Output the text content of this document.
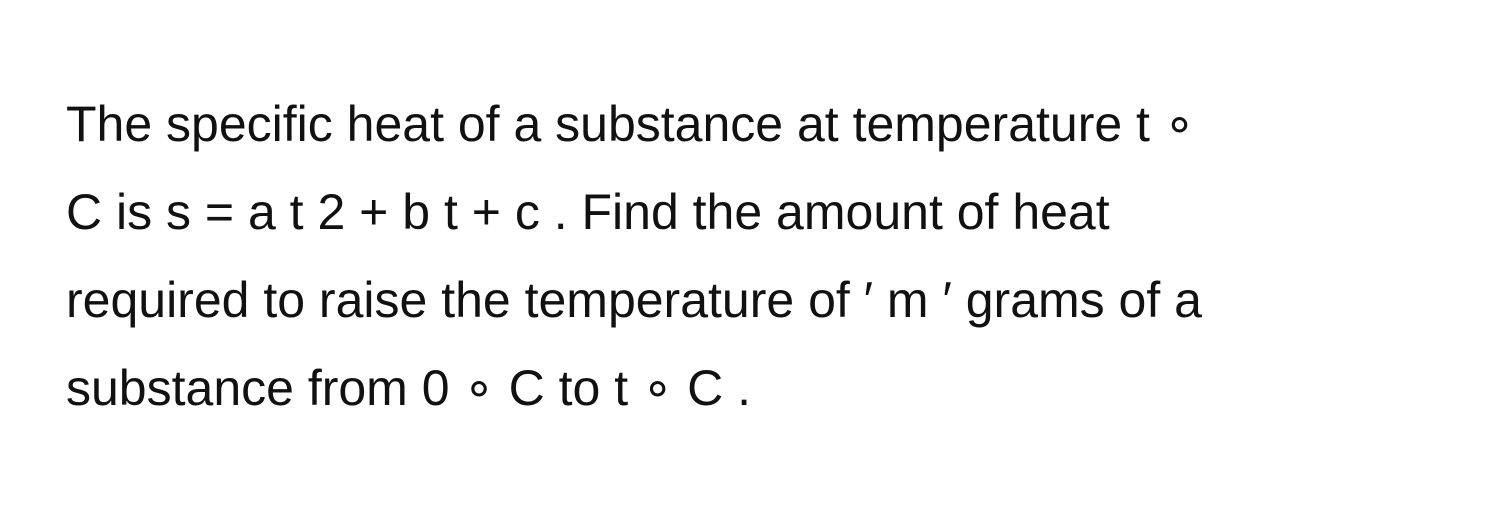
The specific heat of a substance at temperature t ∘
C is s = a t 2 + b t + c . Find the amount of heat
required to raise the temperature of ′ m ′ grams of a
substance from 0 ∘ C to t ∘ C .
